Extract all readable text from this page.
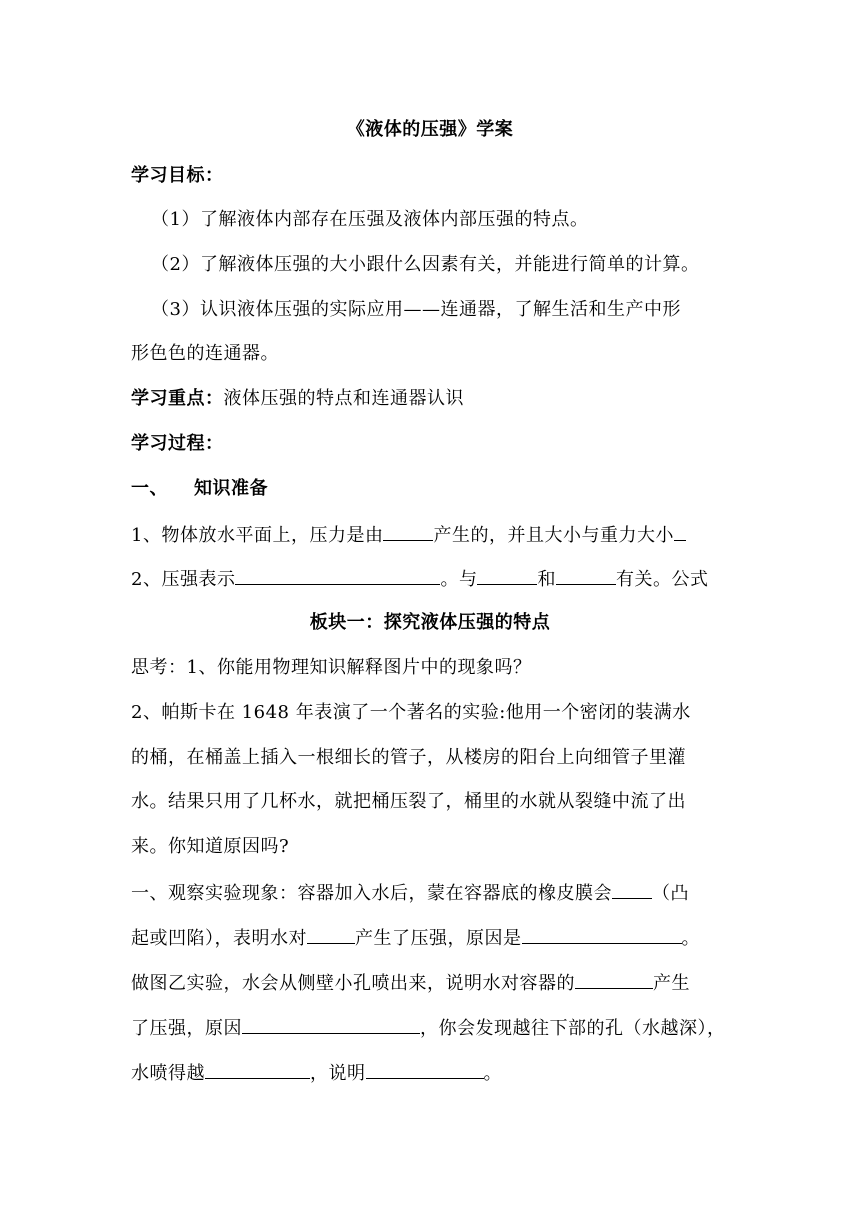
《液体的压强》学案
学习目标：
（1）了解液体内部存在压强及液体内部压强的特点。
（2）了解液体压强的大小跟什么因素有关，并能进行简单的计算。
（3）认识液体压强的实际应用——连通器，了解生活和生产中形
形色色的连通器。
学习重点：液体压强的特点和连通器认识
学习过程：
一、 知识准备
1、物体放水平面上，压力是由	产生的，并且大小与重力大小
2、压强表示	。与	和	有关。公式
板块一：探究液体压强的特点
思考：1、你能用物理知识解释图片中的现象吗？
2、帕斯卡在 1648 年表演了一个著名的实验:他用一个密闭的装满水
的桶，在桶盖上插入一根细长的管子，从楼房的阳台上向细管子里灌
水。结果只用了几杯水，就把桶压裂了，桶里的水就从裂缝中流了出
来。你知道原因吗?
一、观察实验现象：容器加入水后，蒙在容器底的橡皮膜会 （凸
起或凹陷），表明水对	产生了压强，原因是	。
做图乙实验，水会从侧壁小孔喷出来，说明水对容器的	产生
了压强，原因	，你会发现越往下部的孔（水越深），
水喷得越	，说明	。
